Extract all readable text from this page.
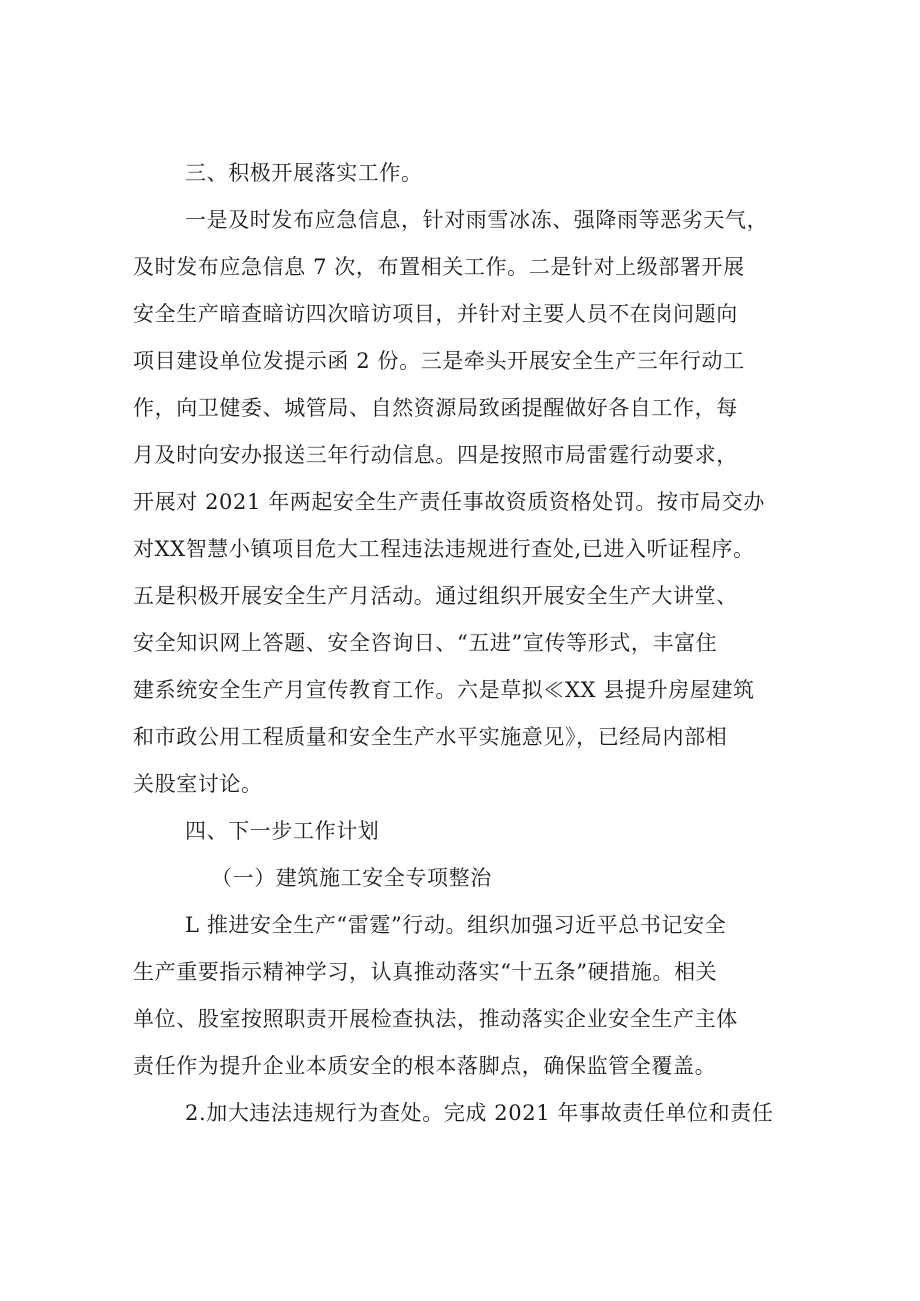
三、积极开展落实工作。
一是及时发布应急信息，针对雨雪冰冻、强降雨等恶劣天气，
及时发布应急信息 7 次，布置相关工作。二是针对上级部署开展
安全生产暗查暗访四次暗访项目，并针对主要人员不在岗问题向
项目建设单位发提示函 2 份。三是牵头开展安全生产三年行动工
作，向卫健委、城管局、自然资源局致函提醒做好各自工作，每
月及时向安办报送三年行动信息。四是按照市局雷霆行动要求，
开展对 2021 年两起安全生产责任事故资质资格处罚。按市局交办
对XX智慧小镇项目危大工程违法违规进行查处,已进入听证程序。
五是积极开展安全生产月活动。通过组织开展安全生产大讲堂、
安全知识网上答题、安全咨询日、“五进”宣传等形式，丰富住
建系统安全生产月宣传教育工作。六是草拟≪XX 县提升房屋建筑
和市政公用工程质量和安全生产水平实施意见》，已经局内部相
关股室讨论。
四、下一步工作计划
（一）建筑施工安全专项整治
L 推进安全生产“雷霆”行动。组织加强习近平总书记安全
生产重要指示精神学习，认真推动落实“十五条”硬措施。相关
单位、股室按照职责开展检查执法，推动落实企业安全生产主体
责任作为提升企业本质安全的根本落脚点，确保监管全覆盖。
2.加大违法违规行为查处。完成 2021 年事故责任单位和责任
